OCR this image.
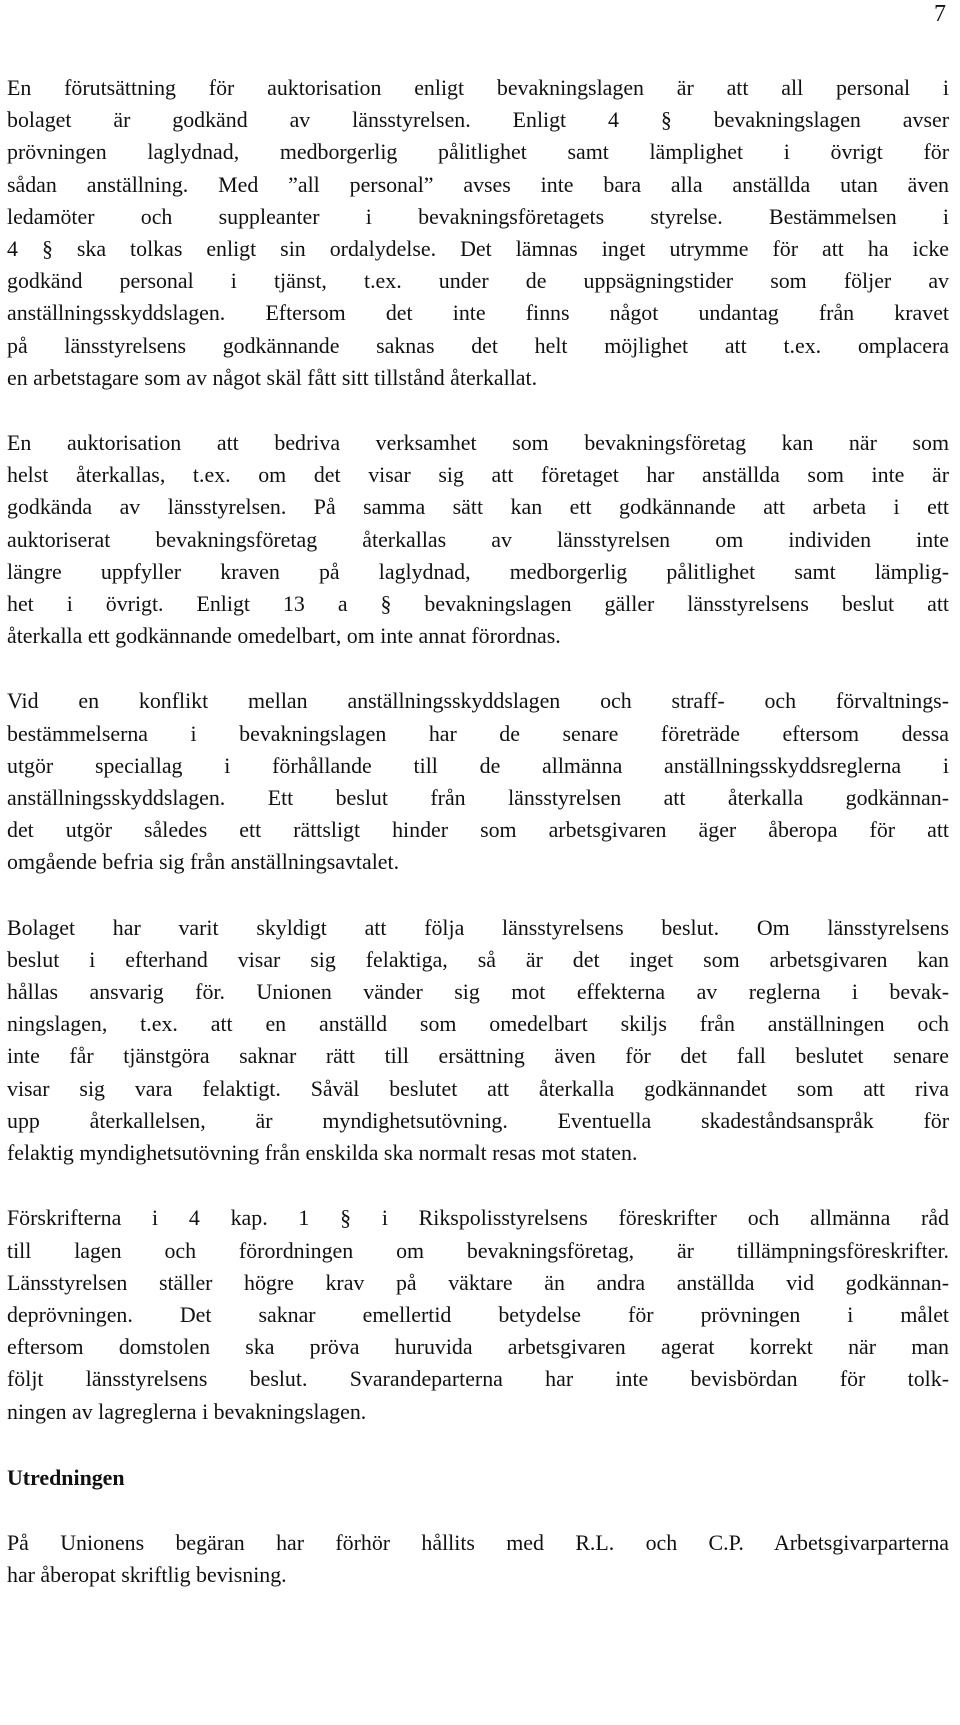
7

En förutsättning för auktorisation enligt bevakningslagen är att all personal i
bolaget är godkänd av länsstyrelsen. Enligt 4 § bevakningslagen avser
prövningen laglydnad, medborgerlig pålitlighet samt lämplighet i övrigt för
sådan anställning. Med ”all personal” avses inte bara alla anställda utan även
ledamöter och suppleanter i bevakningsföretagets styrelse. Bestämmelsen i
4 § ska tolkas enligt sin ordalydelse. Det lämnas inget utrymme för att ha icke
godkänd personal i tjänst, t.ex. under de uppsägningstider som följer av
anställningsskyddslagen. Eftersom det inte finns något undantag från kravet
på länsstyrelsens godkännande saknas det helt möjlighet att t.ex. omplacera
en arbetstagare som av något skäl fått sitt tillstånd återkallat.

En auktorisation att bedriva verksamhet som bevakningsföretag kan när som
helst återkallas, t.ex. om det visar sig att företaget har anställda som inte är
godkända av länsstyrelsen. På samma sätt kan ett godkännande att arbeta i ett
auktoriserat bevakningsföretag återkallas av länsstyrelsen om individen inte
längre uppfyller kraven på laglydnad, medborgerlig pålitlighet samt lämplig-
het i övrigt. Enligt 13 a § bevakningslagen gäller länsstyrelsens beslut att
återkalla ett godkännande omedelbart, om inte annat förordnas.

Vid en konflikt mellan anställningsskyddslagen och straff- och förvaltnings-
bestämmelserna i bevakningslagen har de senare företräde eftersom dessa
utgör speciallag i förhållande till de allmänna anställningsskyddsreglerna i
anställningsskyddslagen. Ett beslut från länsstyrelsen att återkalla godkännan-
det utgör således ett rättsligt hinder som arbetsgivaren äger åberopa för att
omgående befria sig från anställningsavtalet.

Bolaget har varit skyldigt att följa länsstyrelsens beslut. Om länsstyrelsens
beslut i efterhand visar sig felaktiga, så är det inget som arbetsgivaren kan
hållas ansvarig för. Unionen vänder sig mot effekterna av reglerna i bevak-
ningslagen, t.ex. att en anställd som omedelbart skiljs från anställningen och
inte får tjänstgöra saknar rätt till ersättning även för det fall beslutet senare
visar sig vara felaktigt. Såväl beslutet att återkalla godkännandet som att riva
upp återkallelsen, är myndighetsutövning. Eventuella skadeståndsanspråk för
felaktig myndighetsutövning från enskilda ska normalt resas mot staten.

Förskrifterna i 4 kap. 1 § i Rikspolisstyrelsens föreskrifter och allmänna råd
till lagen och förordningen om bevakningsföretag, är tillämpningsföreskrifter.
Länsstyrelsen ställer högre krav på väktare än andra anställda vid godkännan-
deprövningen. Det saknar emellertid betydelse för prövningen i målet
eftersom domstolen ska pröva huruvida arbetsgivaren agerat korrekt när man
följt länsstyrelsens beslut. Svarandeparterna har inte bevisbördan för tolk-
ningen av lagreglerna i bevakningslagen.

Utredningen

På Unionens begäran har förhör hållits med R.L. och C.P. Arbetsgivarparterna
har åberopat skriftlig bevisning.
